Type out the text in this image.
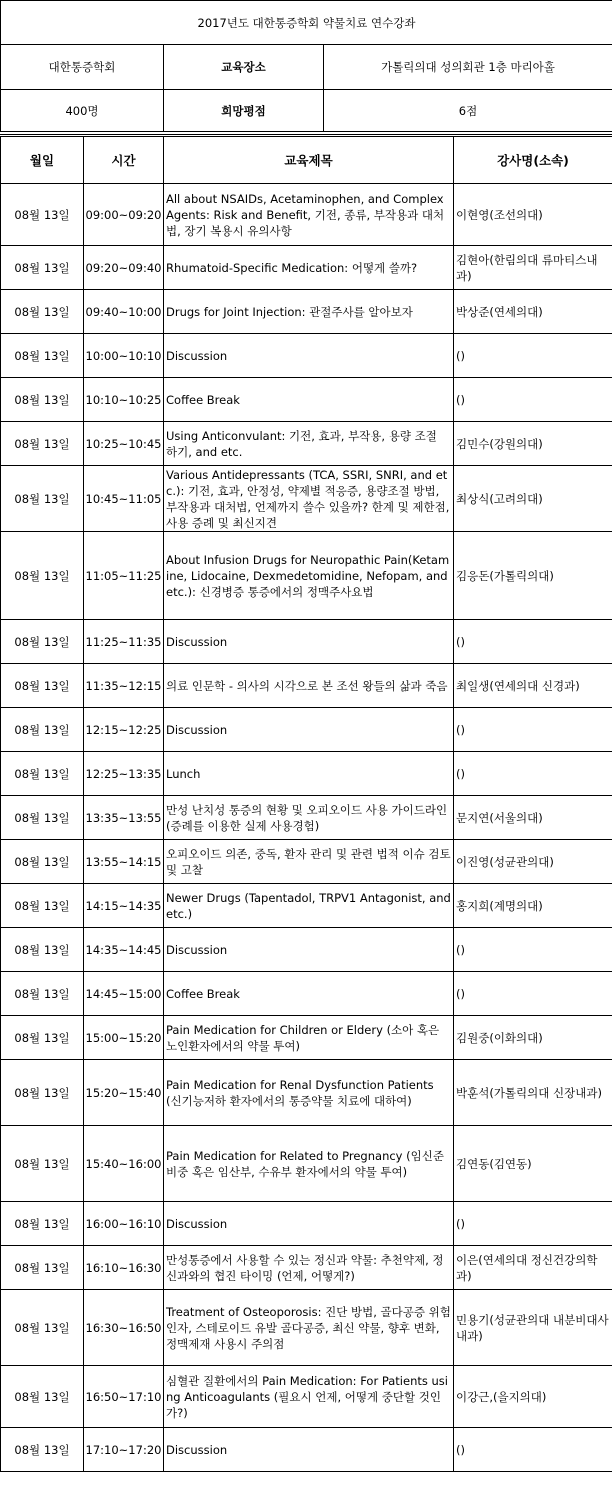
2017년도 대한통증학회 약물치료 연수강좌		
대한통증학회	교육장소	가톨릭의대 성의회관 1층 마리아홀
400명	희망평점	6점
월일	시간	교육제목	강사명(소속)
08월 13일	09:00~09:20	All about NSAIDs, Acetaminophen, and Complex Agents: Risk and Benefit, 기전, 종류, 부작용과 대처법, 장기 복용시 유의사항	이현영(조선의대)
08월 13일	09:20~09:40	Rhumatoid-Specific Medication: 어떻게 쓸까?	김현아(한림의대 류마티스내과)
08월 13일	09:40~10:00	Drugs for Joint Injection: 관절주사를 알아보자	박상준(연세의대)
08월 13일	10:00~10:10	Discussion	()
08월 13일	10:10~10:25	Coffee Break	()
08월 13일	10:25~10:45	Using Anticonvulant: 기전, 효과, 부작용, 용량 조절 하기, and etc.	김민수(강원의대)
08월 13일	10:45~11:05	Various Antidepressants (TCA, SSRI, SNRI, and etc.): 기전, 효과, 안정성, 약제별 적응증, 용량조절 방법, 부작용과 대처법, 언제까지 쓸수 있을까? 한계 및 제한점, 사용 증례 및 최신지견	최상식(고려의대)
08월 13일	11:05~11:25	About Infusion Drugs for Neuropathic Pain(Ketamine, Lidocaine, Dexmedetomidine, Nefopam, and etc.): 신경병증 통증에서의 정맥주사요법	김응돈(가톨릭의대)
08월 13일	11:25~11:35	Discussion	()
08월 13일	11:35~12:15	의료 인문학 - 의사의 시각으로 본 조선 왕들의 삶과 죽음	최일생(연세의대 신경과)
08월 13일	12:15~12:25	Discussion	()
08월 13일	12:25~13:35	Lunch	()
08월 13일	13:35~13:55	만성 난치성 통증의 현황 및 오피오이드 사용 가이드라인(증례를 이용한 실제 사용경험)	문지연(서울의대)
08월 13일	13:55~14:15	오피오이드 의존, 중독, 환자 관리 및 관련 법적 이슈 검토 및 고찰	이진영(성균관의대)
08월 13일	14:15~14:35	Newer Drugs (Tapentadol, TRPV1 Antagonist, and etc.)	홍지희(계명의대)
08월 13일	14:35~14:45	Discussion	()
08월 13일	14:45~15:00	Coffee Break	()
08월 13일	15:00~15:20	Pain Medication for Children or Eldery (소아 혹은 노인환자에서의 약물 투여)	김원중(이화의대)
08월 13일	15:20~15:40	Pain Medication for Renal Dysfunction Patients (신기능저하 환자에서의 통증약물 치료에 대하여)	박훈석(가톨릭의대 신장내과)
08월 13일	15:40~16:00	Pain Medication for Related to Pregnancy (임신준비중 혹은 임산부, 수유부 환자에서의 약물 투여)	김연동(김연동)
08월 13일	16:00~16:10	Discussion	()
08월 13일	16:10~16:30	만성통증에서 사용할 수 있는 정신과 약물: 추천약제, 정신과와의 협진 타이밍 (언제, 어떻게?)	이은(연세의대 정신건강의학과)
08월 13일	16:30~16:50	Treatment of Osteoporosis: 진단 방법, 골다공증 위험인자, 스테로이드 유발 골다공증, 최신 약물, 향후 변화, 정맥제재 사용시 주의점	민용기(성균관의대 내분비대사내과)
08월 13일	16:50~17:10	심혈관 질환에서의 Pain Medication: For Patients using Anticoagulants (필요시 언제, 어떻게 중단할 것인가?)	이강근,(을지의대)
08월 13일	17:10~17:20	Discussion	()
